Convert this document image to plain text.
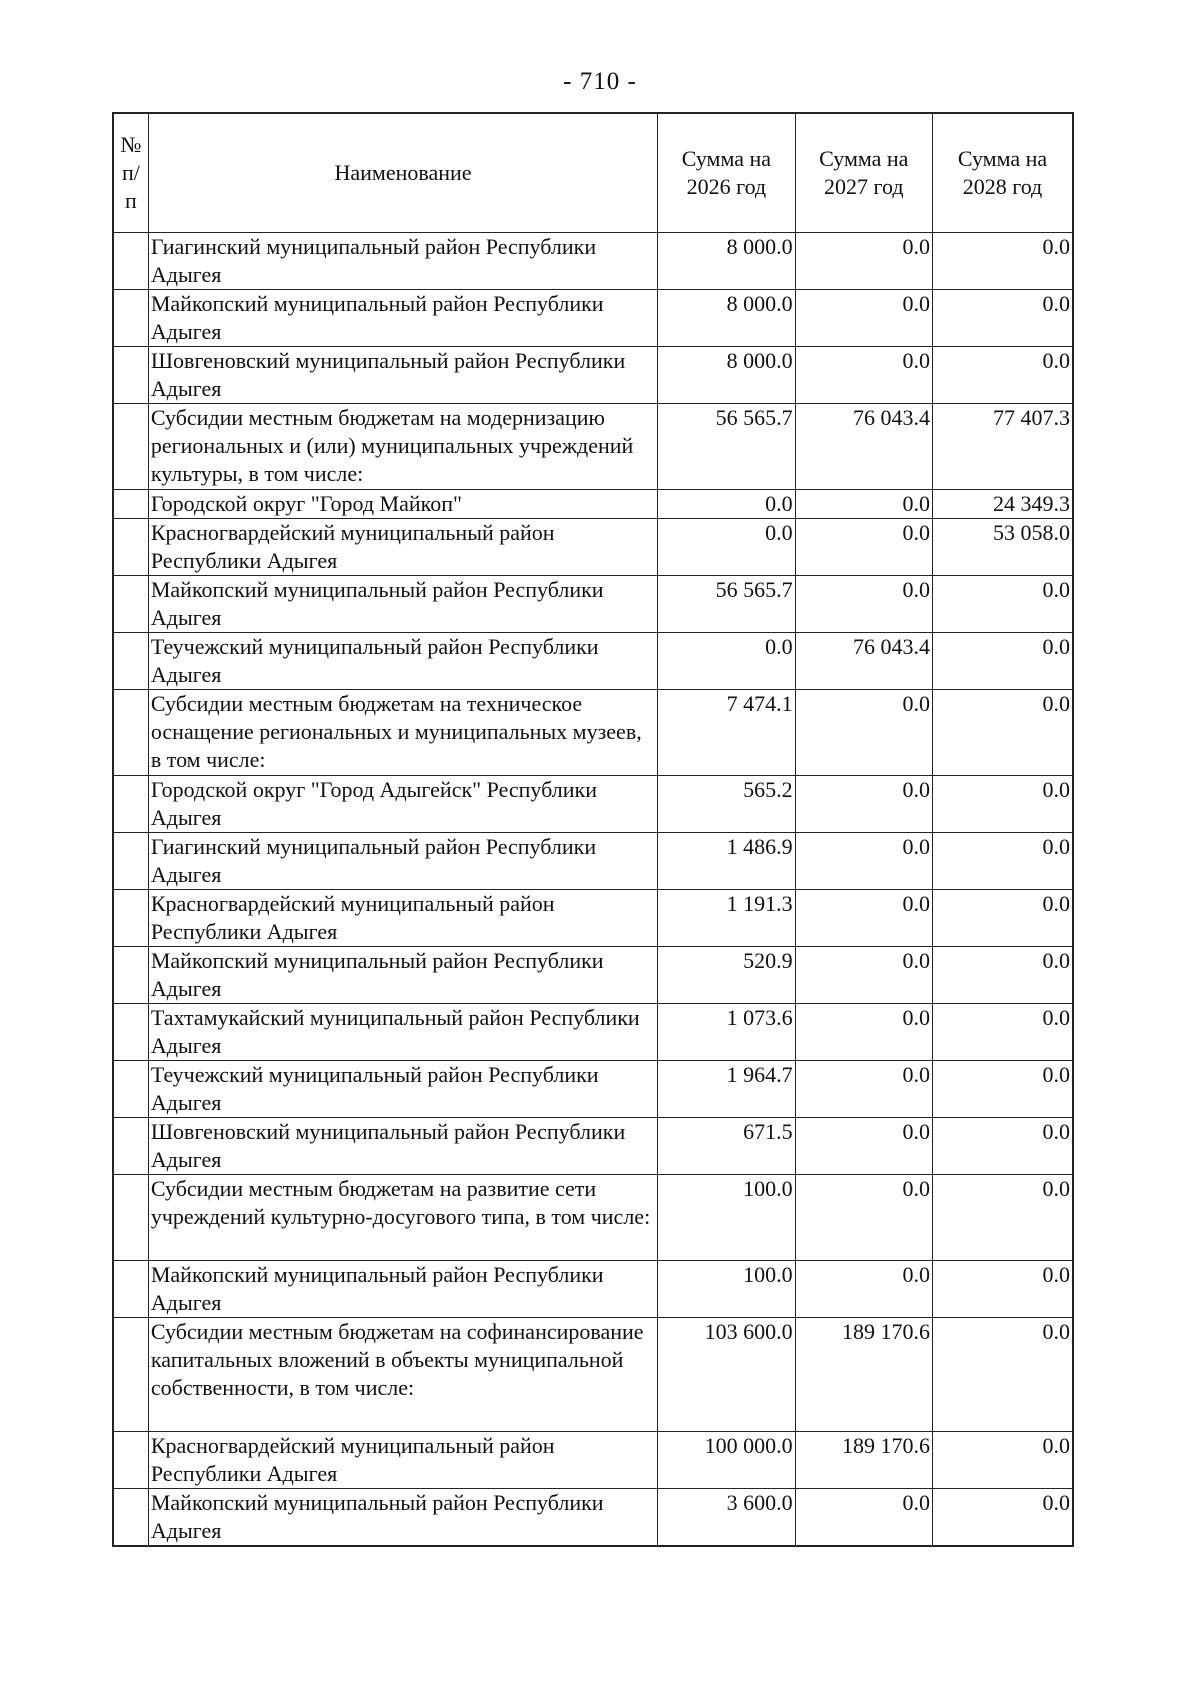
- 710 -
№ п/п	Наименование	Сумма на 2026 год	Сумма на 2027 год	Сумма на 2028 год
	Гиагинский муниципальный район Республики Адыгея	8 000.0	0.0	0.0
	Майкопский муниципальный район Республики Адыгея	8 000.0	0.0	0.0
	Шовгеновский муниципальный район Республики Адыгея	8 000.0	0.0	0.0
	Субсидии местным бюджетам на модернизацию региональных и (или) муниципальных учреждений культуры, в том числе:	56 565.7	76 043.4	77 407.3
	Городской округ "Город Майкоп"	0.0	0.0	24 349.3
	Красногвардейский муниципальный район Республики Адыгея	0.0	0.0	53 058.0
	Майкопский муниципальный район Республики Адыгея	56 565.7	0.0	0.0
	Теучежский муниципальный район Республики Адыгея	0.0	76 043.4	0.0
	Субсидии местным бюджетам на техническое оснащение региональных и муниципальных музеев, в том числе:	7 474.1	0.0	0.0
	Городской округ "Город Адыгейск" Республики Адыгея	565.2	0.0	0.0
	Гиагинский муниципальный район Республики Адыгея	1 486.9	0.0	0.0
	Красногвардейский муниципальный район Республики Адыгея	1 191.3	0.0	0.0
	Майкопский муниципальный район Республики Адыгея	520.9	0.0	0.0
	Тахтамукайский муниципальный район Республики Адыгея	1 073.6	0.0	0.0
	Теучежский муниципальный район Республики Адыгея	1 964.7	0.0	0.0
	Шовгеновский муниципальный район Республики Адыгея	671.5	0.0	0.0
	Субсидии местным бюджетам на развитие сети учреждений культурно-досугового типа, в том числе:	100.0	0.0	0.0
	Майкопский муниципальный район Республики Адыгея	100.0	0.0	0.0
	Субсидии местным бюджетам на софинансирование капитальных вложений в объекты муниципальной собственности, в том числе:	103 600.0	189 170.6	0.0
	Красногвардейский муниципальный район Республики Адыгея	100 000.0	189 170.6	0.0
	Майкопский муниципальный район Республики Адыгея	3 600.0	0.0	0.0
